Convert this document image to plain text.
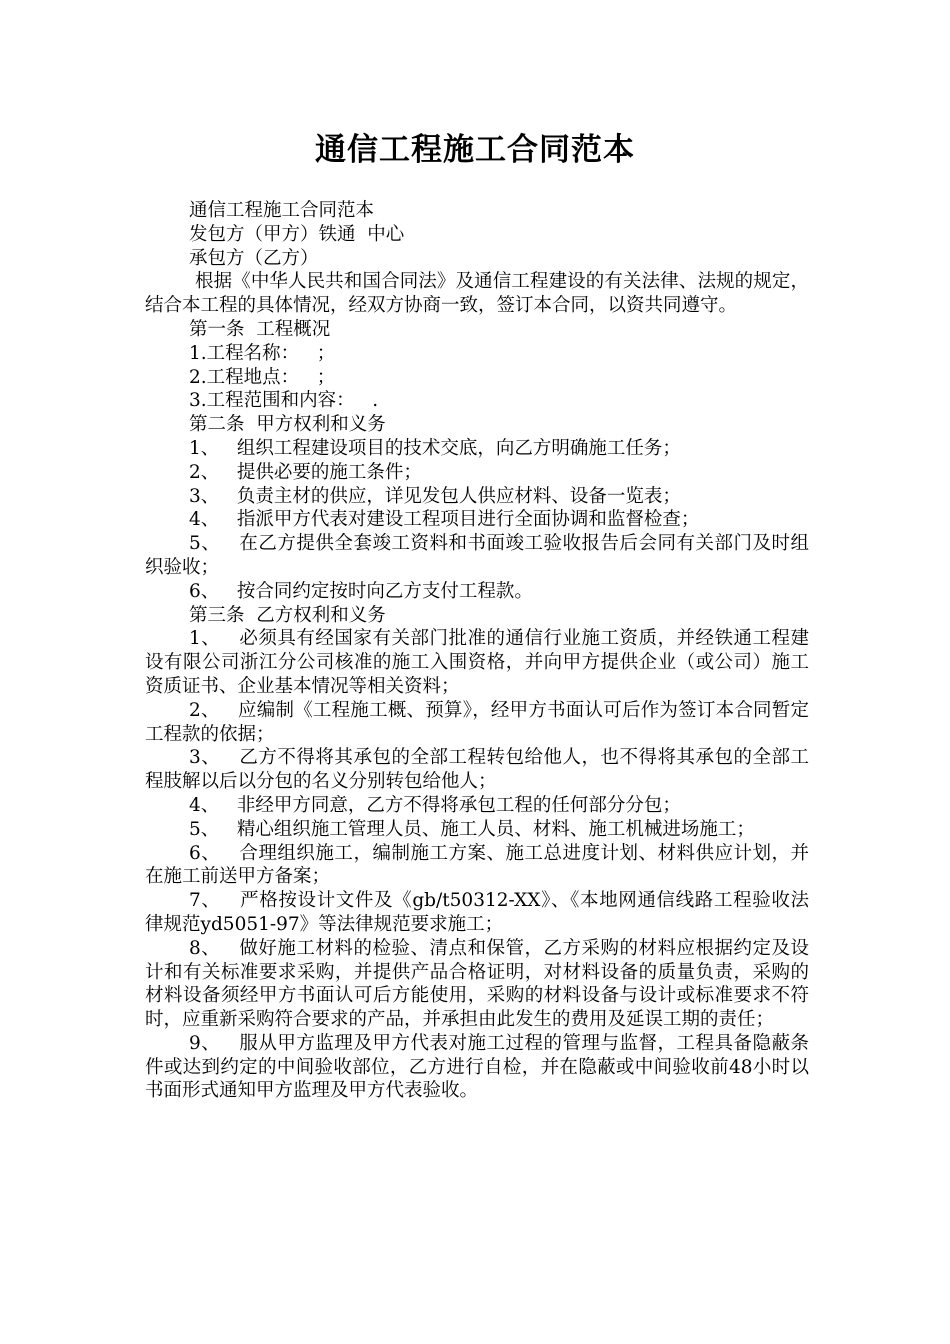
通信工程施工合同范本

通信工程施工合同范本

发包方（甲方）铁通  中心

承包方（乙方）

根据《中华人民共和国合同法》及通信工程建设的有关法律、法规的规定，结合本工程的具体情况，经双方协商一致，签订本合同，以资共同遵守。

第一条  工程概况

1.工程名称：   ；

2.工程地点：   ；

3.工程范围和内容：   .

第二条  甲方权利和义务

1、   组织工程建设项目的技术交底，向乙方明确施工任务；

2、   提供必要的施工条件；

3、   负责主材的供应，详见发包人供应材料、设备一览表；

4、   指派甲方代表对建设工程项目进行全面协调和监督检查；

5、   在乙方提供全套竣工资料和书面竣工验收报告后会同有关部门及时组织验收；

6、   按合同约定按时向乙方支付工程款。

第三条  乙方权利和义务

1、   必须具有经国家有关部门批准的通信行业施工资质，并经铁通工程建设有限公司浙江分公司核准的施工入围资格，并向甲方提供企业（或公司）施工资质证书、企业基本情况等相关资料；

2、   应编制《工程施工概、预算》，经甲方书面认可后作为签订本合同暂定工程款的依据；

3、   乙方不得将其承包的全部工程转包给他人，也不得将其承包的全部工程肢解以后以分包的名义分别转包给他人；

4、   非经甲方同意，乙方不得将承包工程的任何部分分包；

5、   精心组织施工管理人员、施工人员、材料、施工机械进场施工；

6、   合理组织施工，编制施工方案、施工总进度计划、材料供应计划，并在施工前送甲方备案；

7、   严格按设计文件及《gb/t50312-XX》、《本地网通信线路工程验收法律规范yd5051-97》等法律规范要求施工；

8、   做好施工材料的检验、清点和保管，乙方采购的材料应根据约定及设计和有关标准要求采购，并提供产品合格证明，对材料设备的质量负责，采购的材料设备须经甲方书面认可后方能使用，采购的材料设备与设计或标准要求不符时，应重新采购符合要求的产品，并承担由此发生的费用及延误工期的责任；

9、   服从甲方监理及甲方代表对施工过程的管理与监督，工程具备隐蔽条件或达到约定的中间验收部位，乙方进行自检，并在隐蔽或中间验收前48小时以书面形式通知甲方监理及甲方代表验收。
